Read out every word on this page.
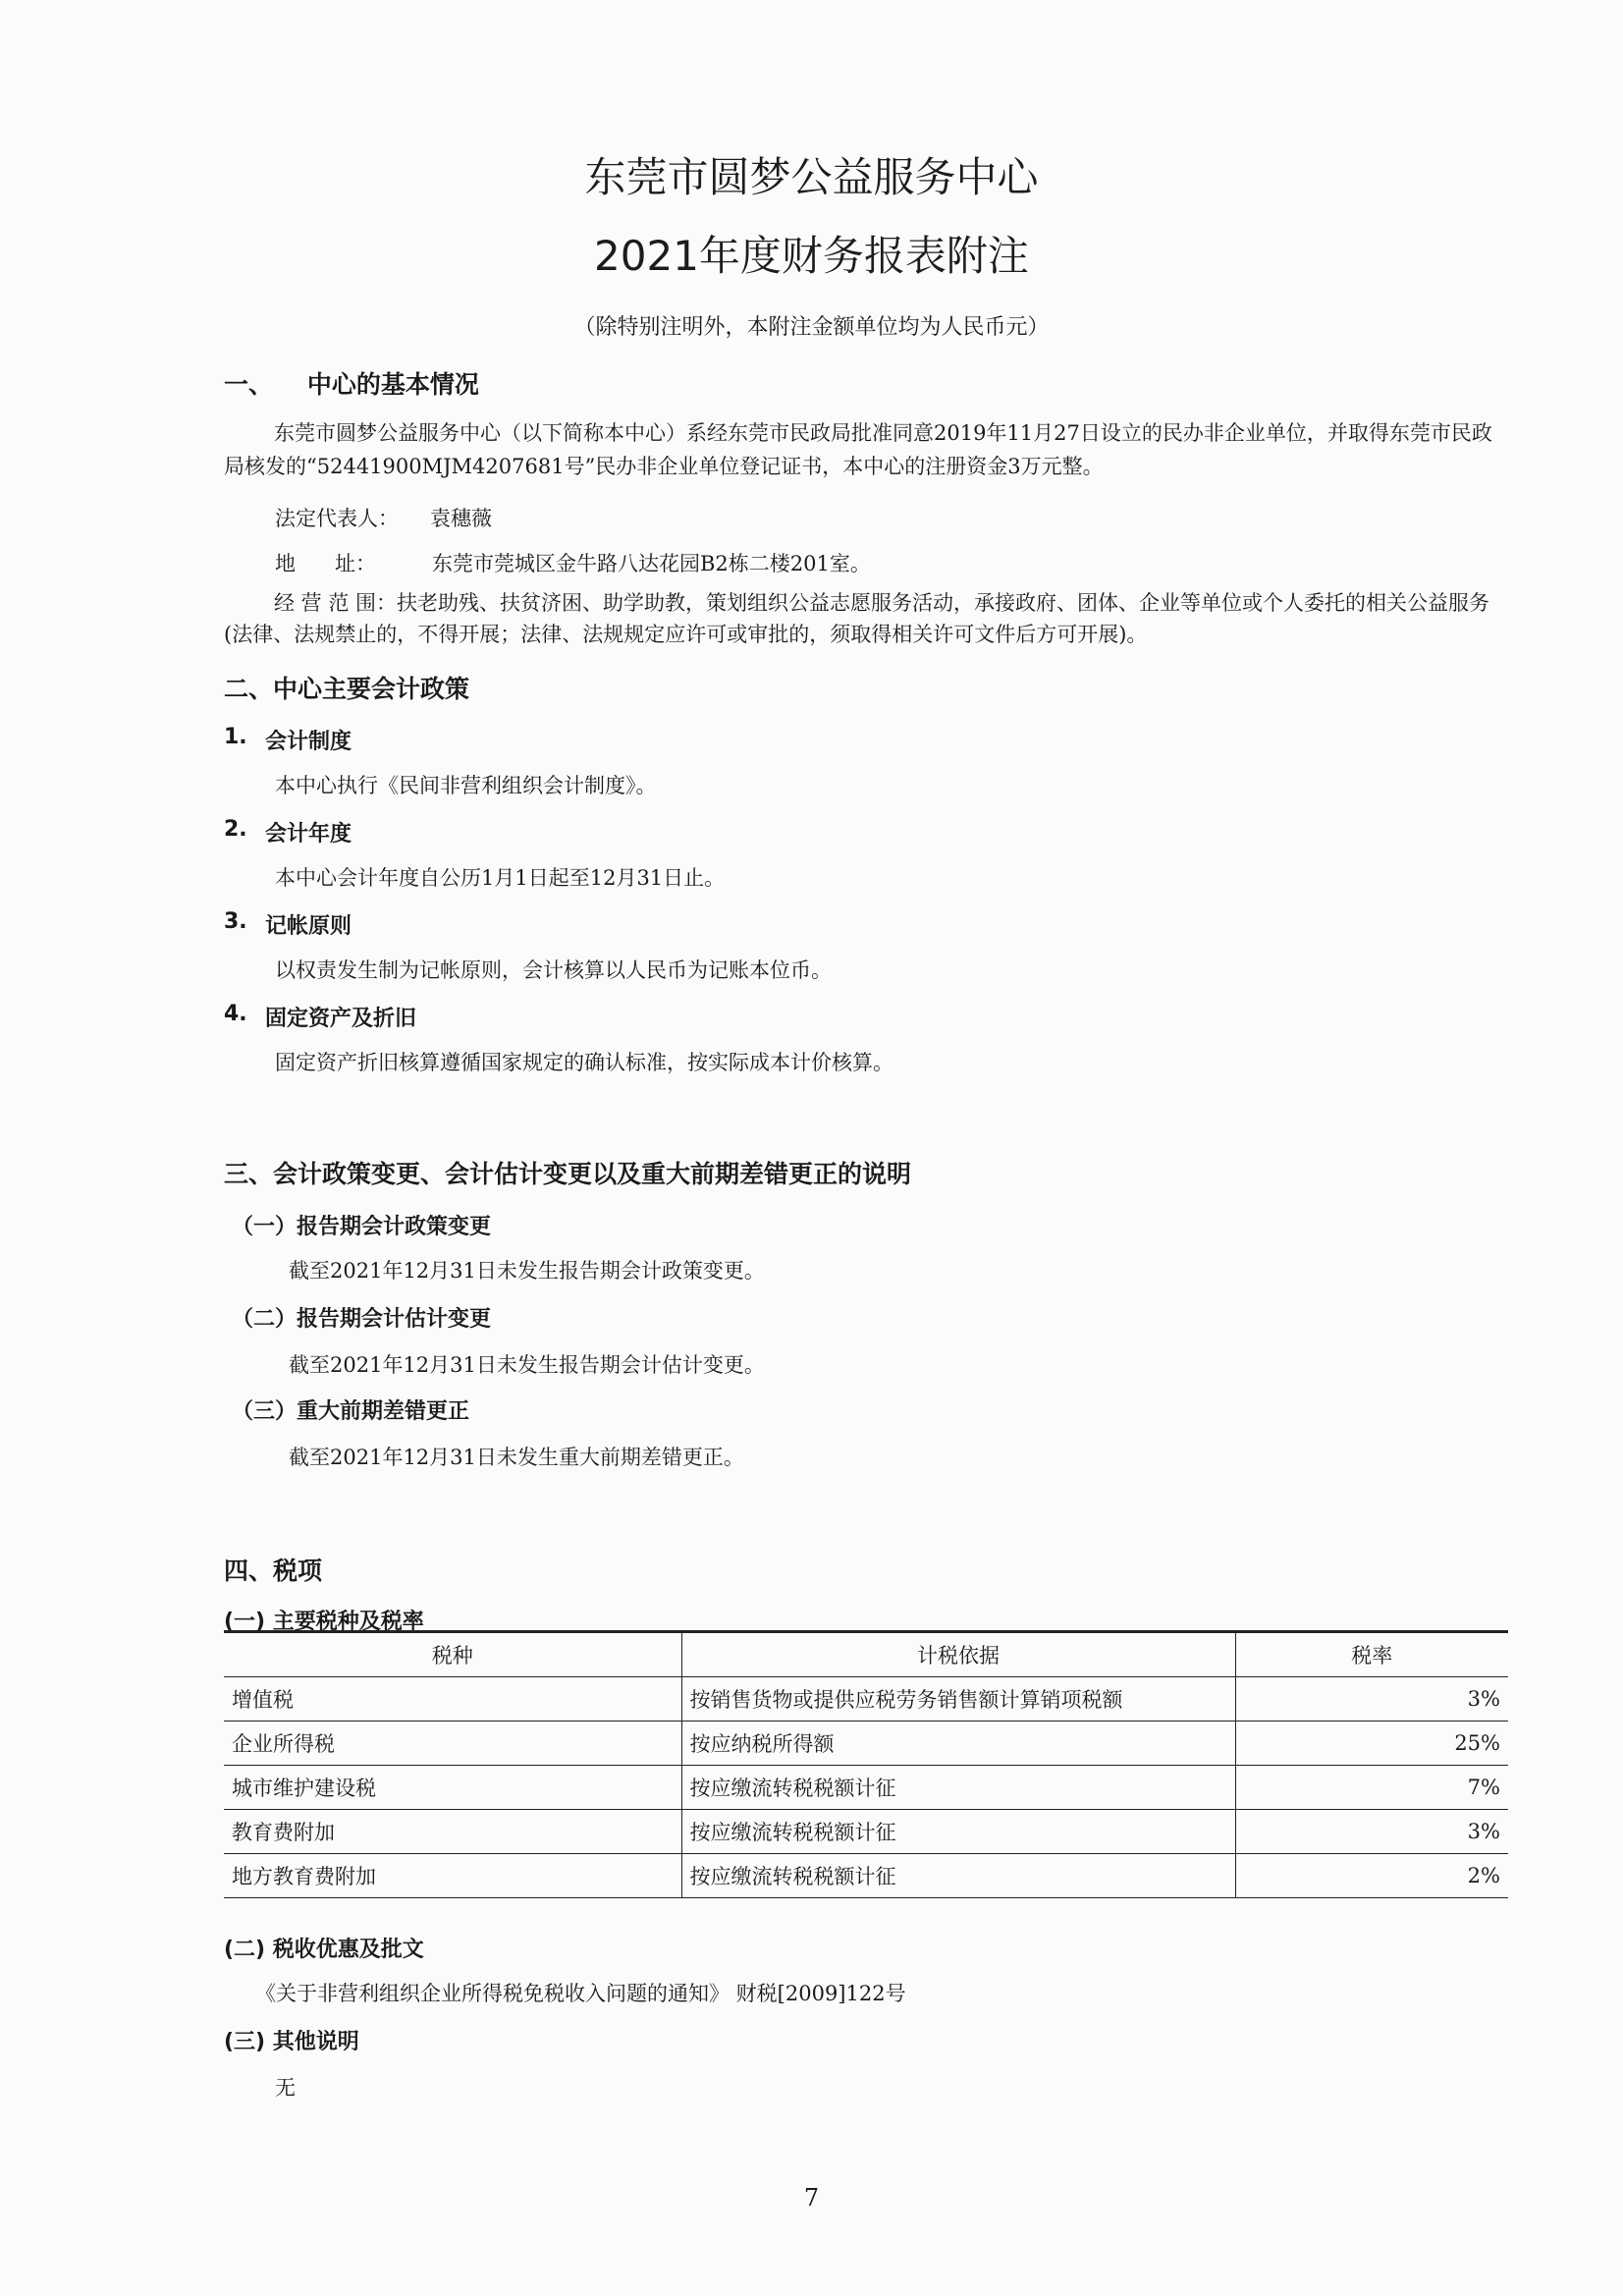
东莞市圆梦公益服务中心
2021年度财务报表附注
（除特别注明外，本附注金额单位均为人民币元）
一、    中心的基本情况
东莞市圆梦公益服务中心（以下简称本中心）系经东莞市民政局批准同意2019年11月27日设立的民办非企业单位，并取得东莞市民政局核发的“52441900MJM4207681号”民办非企业单位登记证书，本中心的注册资金3万元整。
法定代表人： 袁穗薇
地      址：	东莞市莞城区金牛路八达花园B2栋二楼201室。
经 营 范 围：扶老助残、扶贫济困、助学助教，策划组织公益志愿服务活动，承接政府、团体、企业等单位或个人委托的相关公益服务(法律、法规禁止的，不得开展；法律、法规规定应许可或审批的，须取得相关许可文件后方可开展)。
二、中心主要会计政策
1. 会计制度
本中心执行《民间非营利组织会计制度》。
2. 会计年度
本中心会计年度自公历1月1日起至12月31日止。
3. 记帐原则
以权责发生制为记帐原则，会计核算以人民币为记账本位币。
4. 固定资产及折旧
固定资产折旧核算遵循国家规定的确认标准，按实际成本计价核算。
三、会计政策变更、会计估计变更以及重大前期差错更正的说明
（一）报告期会计政策变更
截至2021年12月31日未发生报告期会计政策变更。
（二）报告期会计估计变更
截至2021年12月31日未发生报告期会计估计变更。
（三）重大前期差错更正
截至2021年12月31日未发生重大前期差错更正。
四、税项
(一) 主要税种及税率
税种	计税依据	税率
增值税	按销售货物或提供应税劳务销售额计算销项税额	3%
企业所得税	按应纳税所得额	25%
城市维护建设税	按应缴流转税税额计征	7%
教育费附加	按应缴流转税税额计征	3%
地方教育费附加	按应缴流转税税额计征	2%
(二) 税收优惠及批文
《关于非营利组织企业所得税免税收入问题的通知》 财税[2009]122号
(三) 其他说明
无
7
